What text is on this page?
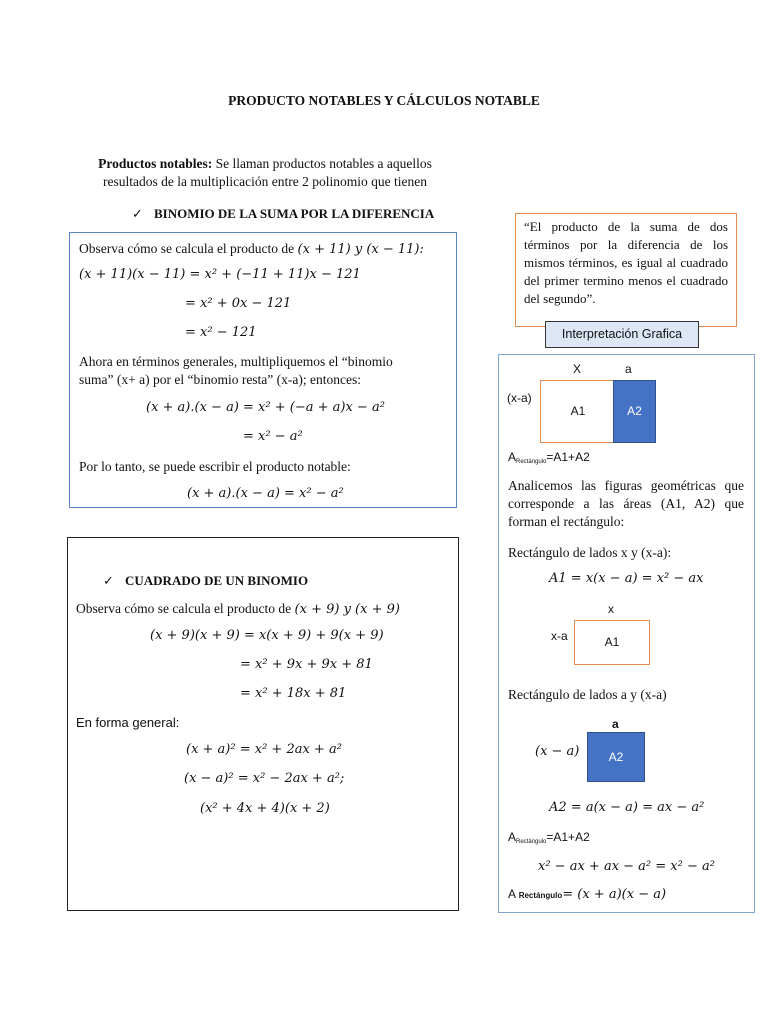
PRODUCTO NOTABLES Y CÁLCULOS NOTABLE
Productos notables: Se llaman productos notables a aquellos
resultados de la multiplicación entre 2 polinomio que tienen
✓ BINOMIO DE LA SUMA POR LA DIFERENCIA
Observa cómo se calcula el producto de (x + 11) y (x − 11):
(x + 11)(x − 11) = x² + (−11 + 11)x − 121
= x² + 0x − 121
= x² − 121
Ahora en términos generales, multipliquemos el “binomio
suma” (x+ a) por el “binomio resta” (x-a); entonces:
(x + a).(x − a) = x² + (−a + a)x − a²
= x² − a²
Por lo tanto, se puede escribir el producto notable:
(x + a).(x − a) = x² − a²
✓ CUADRADO DE UN BINOMIO
Observa cómo se calcula el producto de (x + 9) y (x + 9)
(x + 9)(x + 9) = x(x + 9) + 9(x + 9)
= x² + 9x + 9x + 81
= x² + 18x + 81
En forma general:
(x + a)² = x² + 2ax + a²
(x − a)² = x² − 2ax + a²;
(x² + 4x + 4)(x + 2)
“El producto de la suma de dos términos por la diferencia de los mismos términos, es igual al cuadrado del primer termino menos el cuadrado del segundo”.
Interpretación Grafica
X	a
(x-a)
A1	A2
$A_{Rectángulo}=A1+A2$
Analicemos las figuras geométricas que corresponde a las áreas (A1, A2) que forman el rectángulo:
Rectángulo de lados x y (x-a):
A1 = x(x − a) = x² − ax
x
x-a	A1
Rectángulo de lados a y (x-a)
a
(x − a)	A2
A2 = a(x − a) = ax − a²
$A_{Rectángulo}=A1+A2$
x² − ax + ax − a² = x² − a²
A Rectángulo= (x + a)(x − a)
